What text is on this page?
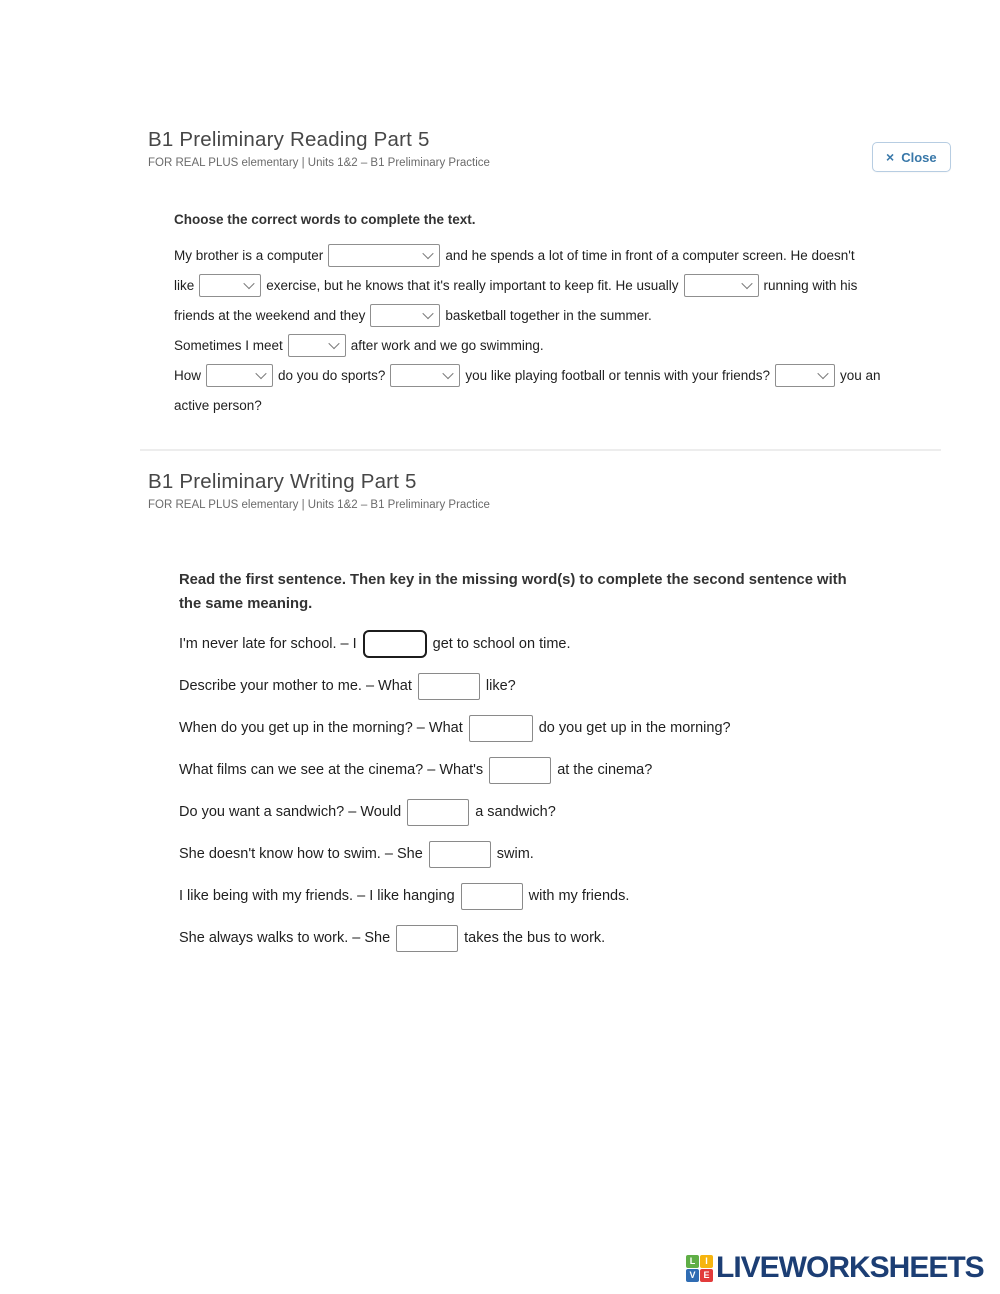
B1 Preliminary Reading Part 5
FOR REAL PLUS elementary | Units 1&2 – B1 Preliminary Practice	× Close
Choose the correct words to complete the text.
My brother is a computer	and he spends a lot of time in front of a computer screen. He doesn't
like	exercise, but he knows that it's really important to keep fit. He usually	running with his
friends at the weekend and they	basketball together in the summer.
Sometimes I meet	after work and we go swimming.
How	do you do sports?	you like playing football or tennis with your friends?	you an
active person?
B1 Preliminary Writing Part 5
FOR REAL PLUS elementary | Units 1&2 – B1 Preliminary Practice
Read the first sentence. Then key in the missing word(s) to complete the second sentence with the same meaning.
I'm never late for school. – I	get to school on time.
Describe your mother to me. – What	like?
When do you get up in the morning? – What	do you get up in the morning?
What films can we see at the cinema? – What's	at the cinema?
Do you want a sandwich? – Would	a sandwich?
She doesn't know how to swim. – She	swim.
I like being with my friends. – I like hanging	with my friends.
She always walks to work. – She	takes the bus to work.
L	I
V E LIVEWORKSHEETS
